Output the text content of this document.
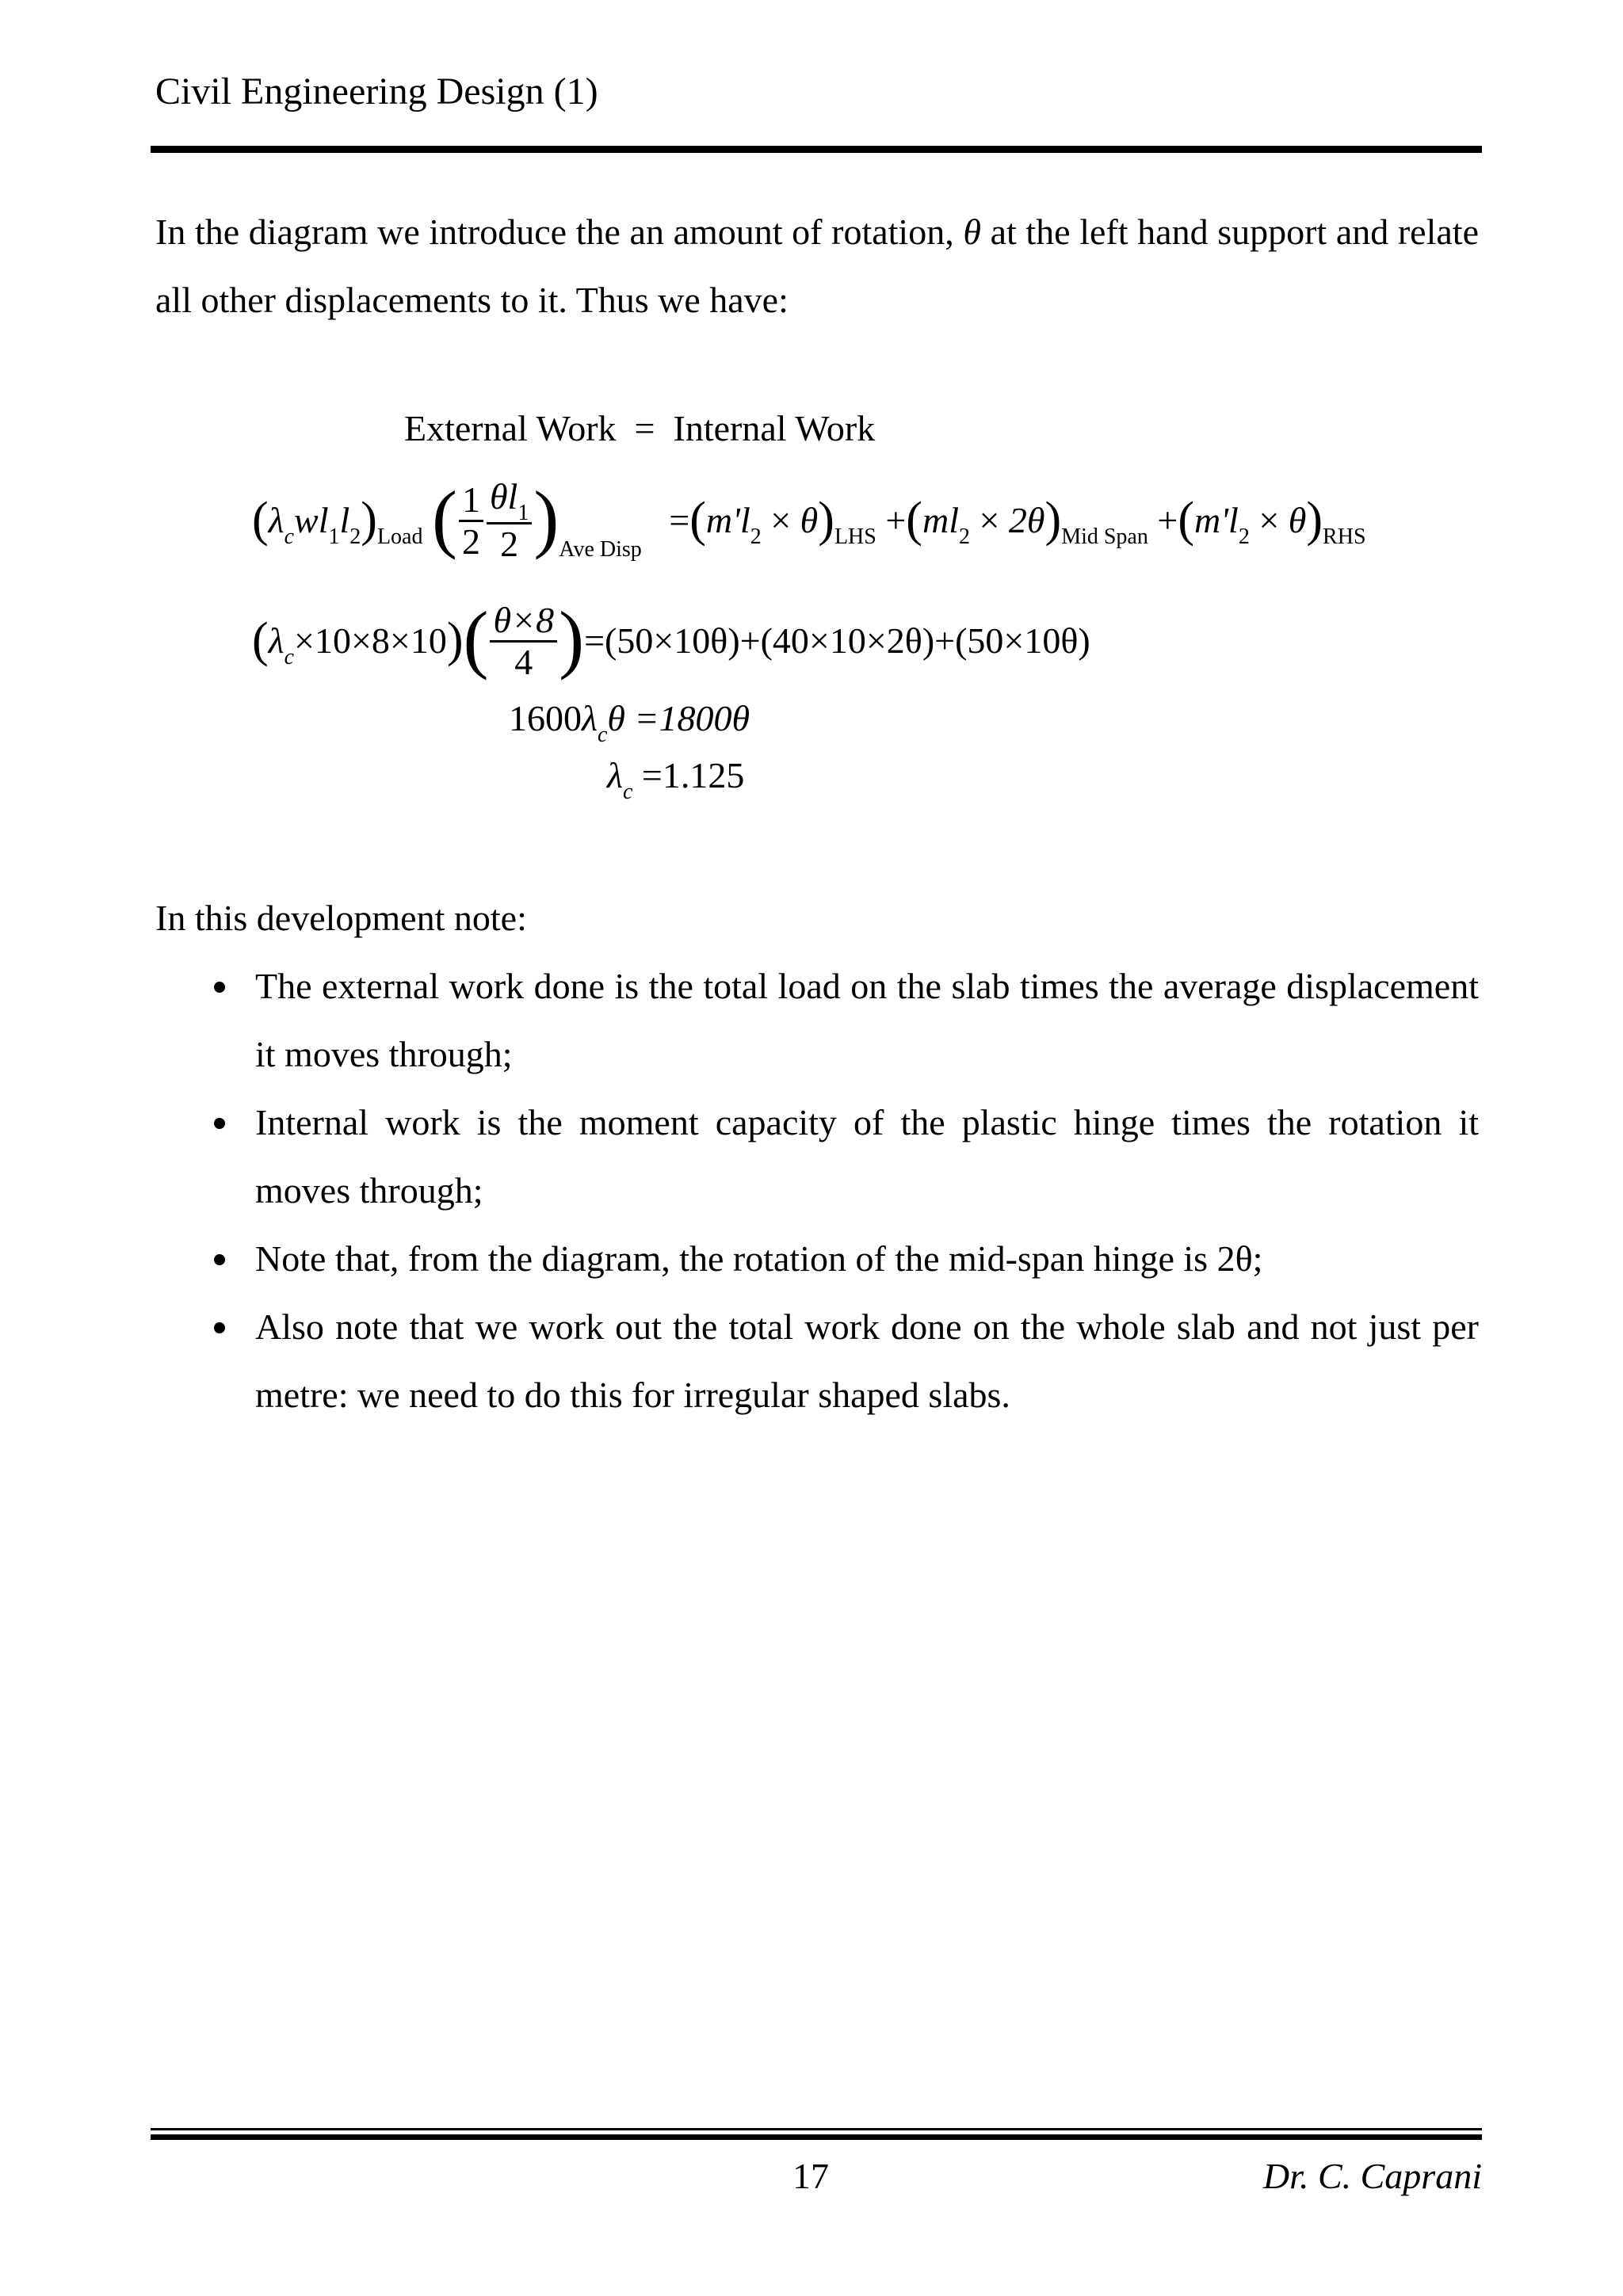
Civil Engineering Design (1)
In the diagram we introduce the an amount of rotation, θ at the left hand support and relate all other displacements to it. Thus we have:
External Work = Internal Work
$(\lambda_cwl_1l_2)_{Load}$ ( $\frac{1}{2} \frac{\theta l_1}{2} )_{Ave Disp} =(m'l_2 \times \theta)_{LHS} +(ml_2 \times 2\theta)_{Mid Span} +(m'l_2 \times \theta)_{RHS}$
$(\lambda_c\times 10\times 8\times 10)( \frac{\theta\times 8}{4} )=(50\times 10\theta)+(40\times 10\times 2\theta)+(50\times 10\theta)$
$1600\lambda_c\theta =1800\theta$
$\lambda_c =1.125$
In this development note:
The external work done is the total load on the slab times the average displacement it moves through;
Internal work is the moment capacity of the plastic hinge times the rotation it moves through;
Note that, from the diagram, the rotation of the mid-span hinge is 2θ;
Also note that we work out the total work done on the whole slab and not just per metre: we need to do this for irregular shaped slabs.
17	Dr. C. Caprani
